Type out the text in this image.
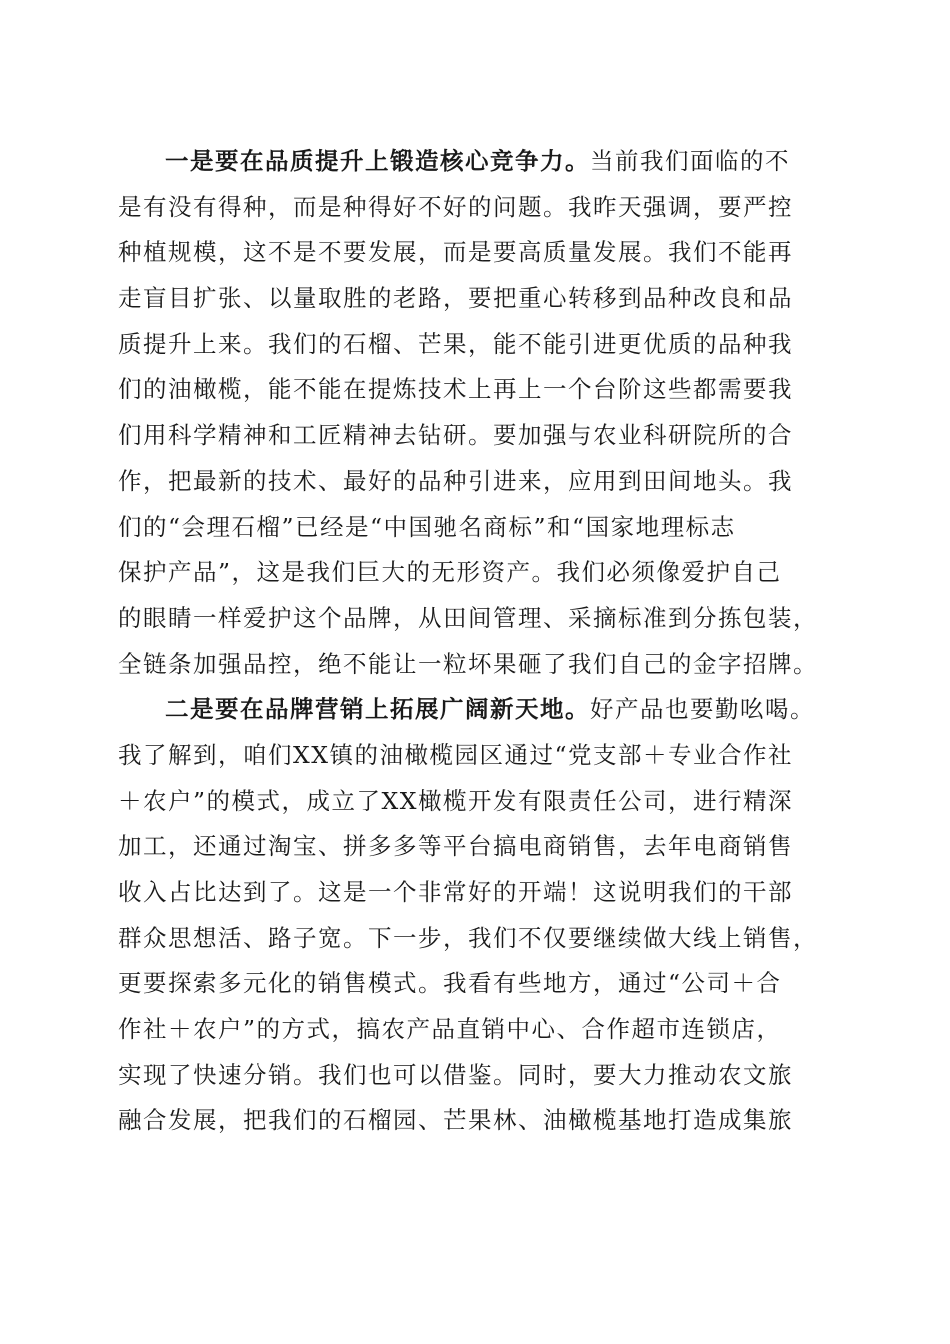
一是要在品质提升上锻造核心竞争力。当前我们面临的不
是有没有得种，而是种得好不好的问题。我昨天强调，要严控
种植规模，这不是不要发展，而是要高质量发展。我们不能再
走盲目扩张、以量取胜的老路，要把重心转移到品种改良和品
质提升上来。我们的石榴、芒果，能不能引进更优质的品种我
们的油橄榄，能不能在提炼技术上再上一个台阶这些都需要我
们用科学精神和工匠精神去钻研。要加强与农业科研院所的合
作，把最新的技术、最好的品种引进来，应用到田间地头。我
们的“会理石榴”已经是“中国驰名商标”和“国家地理标志
保护产品”，这是我们巨大的无形资产。我们必须像爱护自己
的眼睛一样爱护这个品牌，从田间管理、采摘标准到分拣包装，
全链条加强品控，绝不能让一粒坏果砸了我们自己的金字招牌。
二是要在品牌营销上拓展广阔新天地。好产品也要勤吆喝。
我了解到，咱们XX镇的油橄榄园区通过“党支部＋专业合作社
＋农户”的模式，成立了XX橄榄开发有限责任公司，进行精深
加工，还通过淘宝、拼多多等平台搞电商销售，去年电商销售
收入占比达到了。这是一个非常好的开端！这说明我们的干部
群众思想活、路子宽。下一步，我们不仅要继续做大线上销售，
更要探索多元化的销售模式。我看有些地方，通过“公司＋合
作社＋农户”的方式，搞农产品直销中心、合作超市连锁店，
实现了快速分销。我们也可以借鉴。同时，要大力推动农文旅
融合发展，把我们的石榴园、芒果林、油橄榄基地打造成集旅
